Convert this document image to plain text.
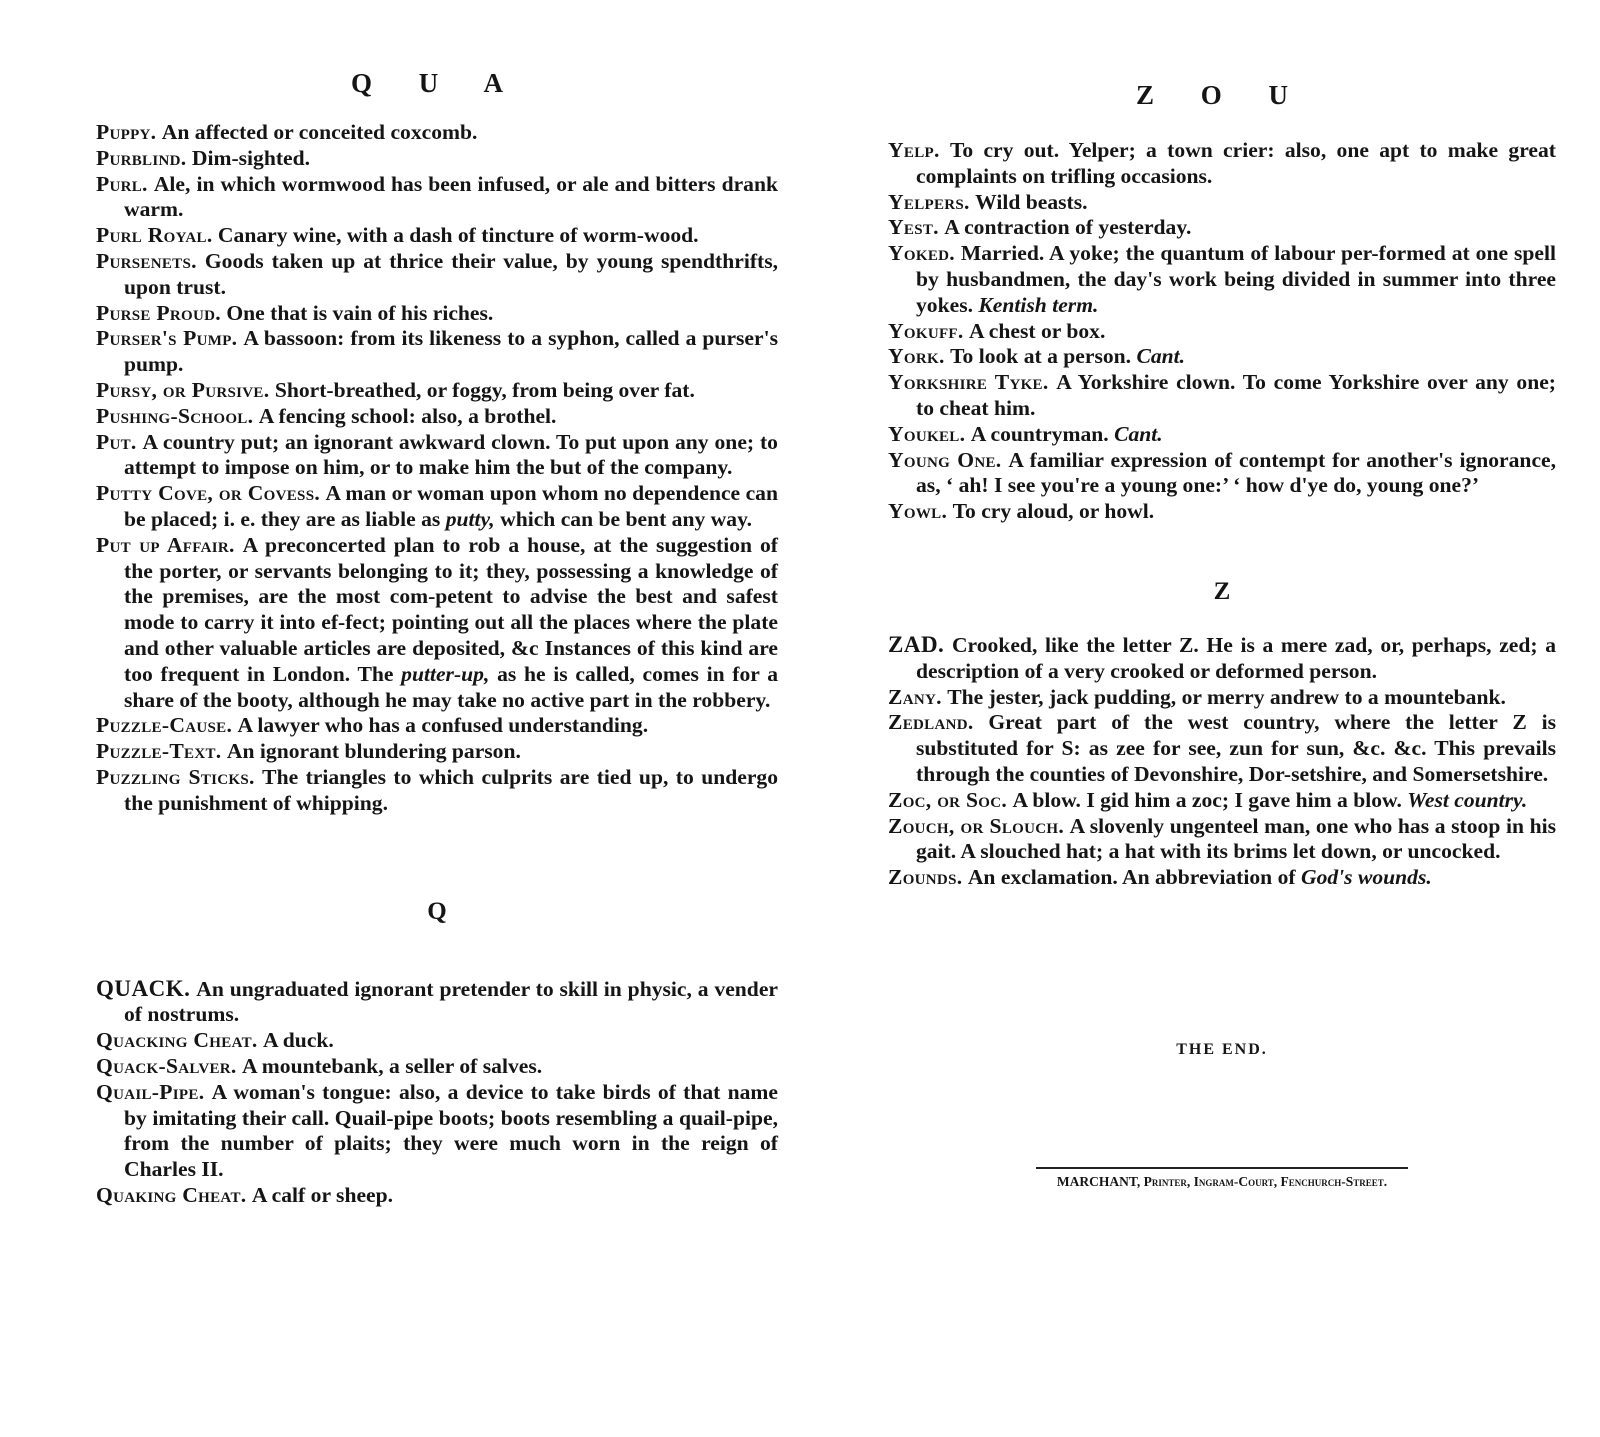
Q U A

Puppy. An affected or conceited coxcomb.

Purblind. Dim-sighted.

Purl. Ale, in which wormwood has been infused, or ale and bitters drank warm.

Purl Royal. Canary wine, with a dash of tincture of worm-wood.

Pursenets. Goods taken up at thrice their value, by young spendthrifts, upon trust.

Purse Proud. One that is vain of his riches.

Purser's Pump. A bassoon: from its likeness to a syphon, called a purser's pump.

Pursy, or Pursive. Short-breathed, or foggy, from being over fat.

Pushing-School. A fencing school: also, a brothel.

Put. A country put; an ignorant awkward clown. To put upon any one; to attempt to impose on him, or to make him the but of the company.

Putty Cove, or Covess. A man or woman upon whom no dependence can be placed; i. e. they are as liable as putty, which can be bent any way.

Put up Affair. A preconcerted plan to rob a house, at the suggestion of the porter, or servants belonging to it; they, possessing a knowledge of the premises, are the most com-petent to advise the best and safest mode to carry it into ef-fect; pointing out all the places where the plate and other valuable articles are deposited, &c Instances of this kind are too frequent in London. The putter-up, as he is called, comes in for a share of the booty, although he may take no active part in the robbery.

Puzzle-Cause. A lawyer who has a confused understanding.

Puzzle-Text. An ignorant blundering parson.

Puzzling Sticks. The triangles to which culprits are tied up, to undergo the punishment of whipping.

Q

QUACK. An ungraduated ignorant pretender to skill in physic, a vender of nostrums.

Quacking Cheat. A duck.

Quack-Salver. A mountebank, a seller of salves.

Quail-Pipe. A woman's tongue: also, a device to take birds of that name by imitating their call. Quail-pipe boots; boots resembling a quail-pipe, from the number of plaits; they were much worn in the reign of Charles II.

Quaking Cheat. A calf or sheep.

Z O U

Yelp. To cry out. Yelper; a town crier: also, one apt to make great complaints on trifling occasions.

Yelpers. Wild beasts.

Yest. A contraction of yesterday.

Yoked. Married. A yoke; the quantum of labour per-formed at one spell by husbandmen, the day's work being divided in summer into three yokes. Kentish term.

Yokuff. A chest or box.

York. To look at a person. Cant.

Yorkshire Tyke. A Yorkshire clown. To come Yorkshire over any one; to cheat him.

Youkel. A countryman. Cant.

Young One. A familiar expression of contempt for another's ignorance, as, ‘ ah! I see you're a young one:’ ‘ how d'ye do, young one?’

Yowl. To cry aloud, or howl.

Z

ZAD. Crooked, like the letter Z. He is a mere zad, or, perhaps, zed; a description of a very crooked or deformed person.

Zany. The jester, jack pudding, or merry andrew to a mountebank.

Zedland. Great part of the west country, where the letter Z is substituted for S: as zee for see, zun for sun, &c. &c. This prevails through the counties of Devonshire, Dor-setshire, and Somersetshire.

Zoc, or Soc. A blow. I gid him a zoc; I gave him a blow. West country.

Zouch, or Slouch. A slovenly ungenteel man, one who has a stoop in his gait. A slouched hat; a hat with its brims let down, or uncocked.

Zounds. An exclamation. An abbreviation of God's wounds.

THE END.
MARCHANT, Printer, Ingram-Court, Fenchurch-Street.
